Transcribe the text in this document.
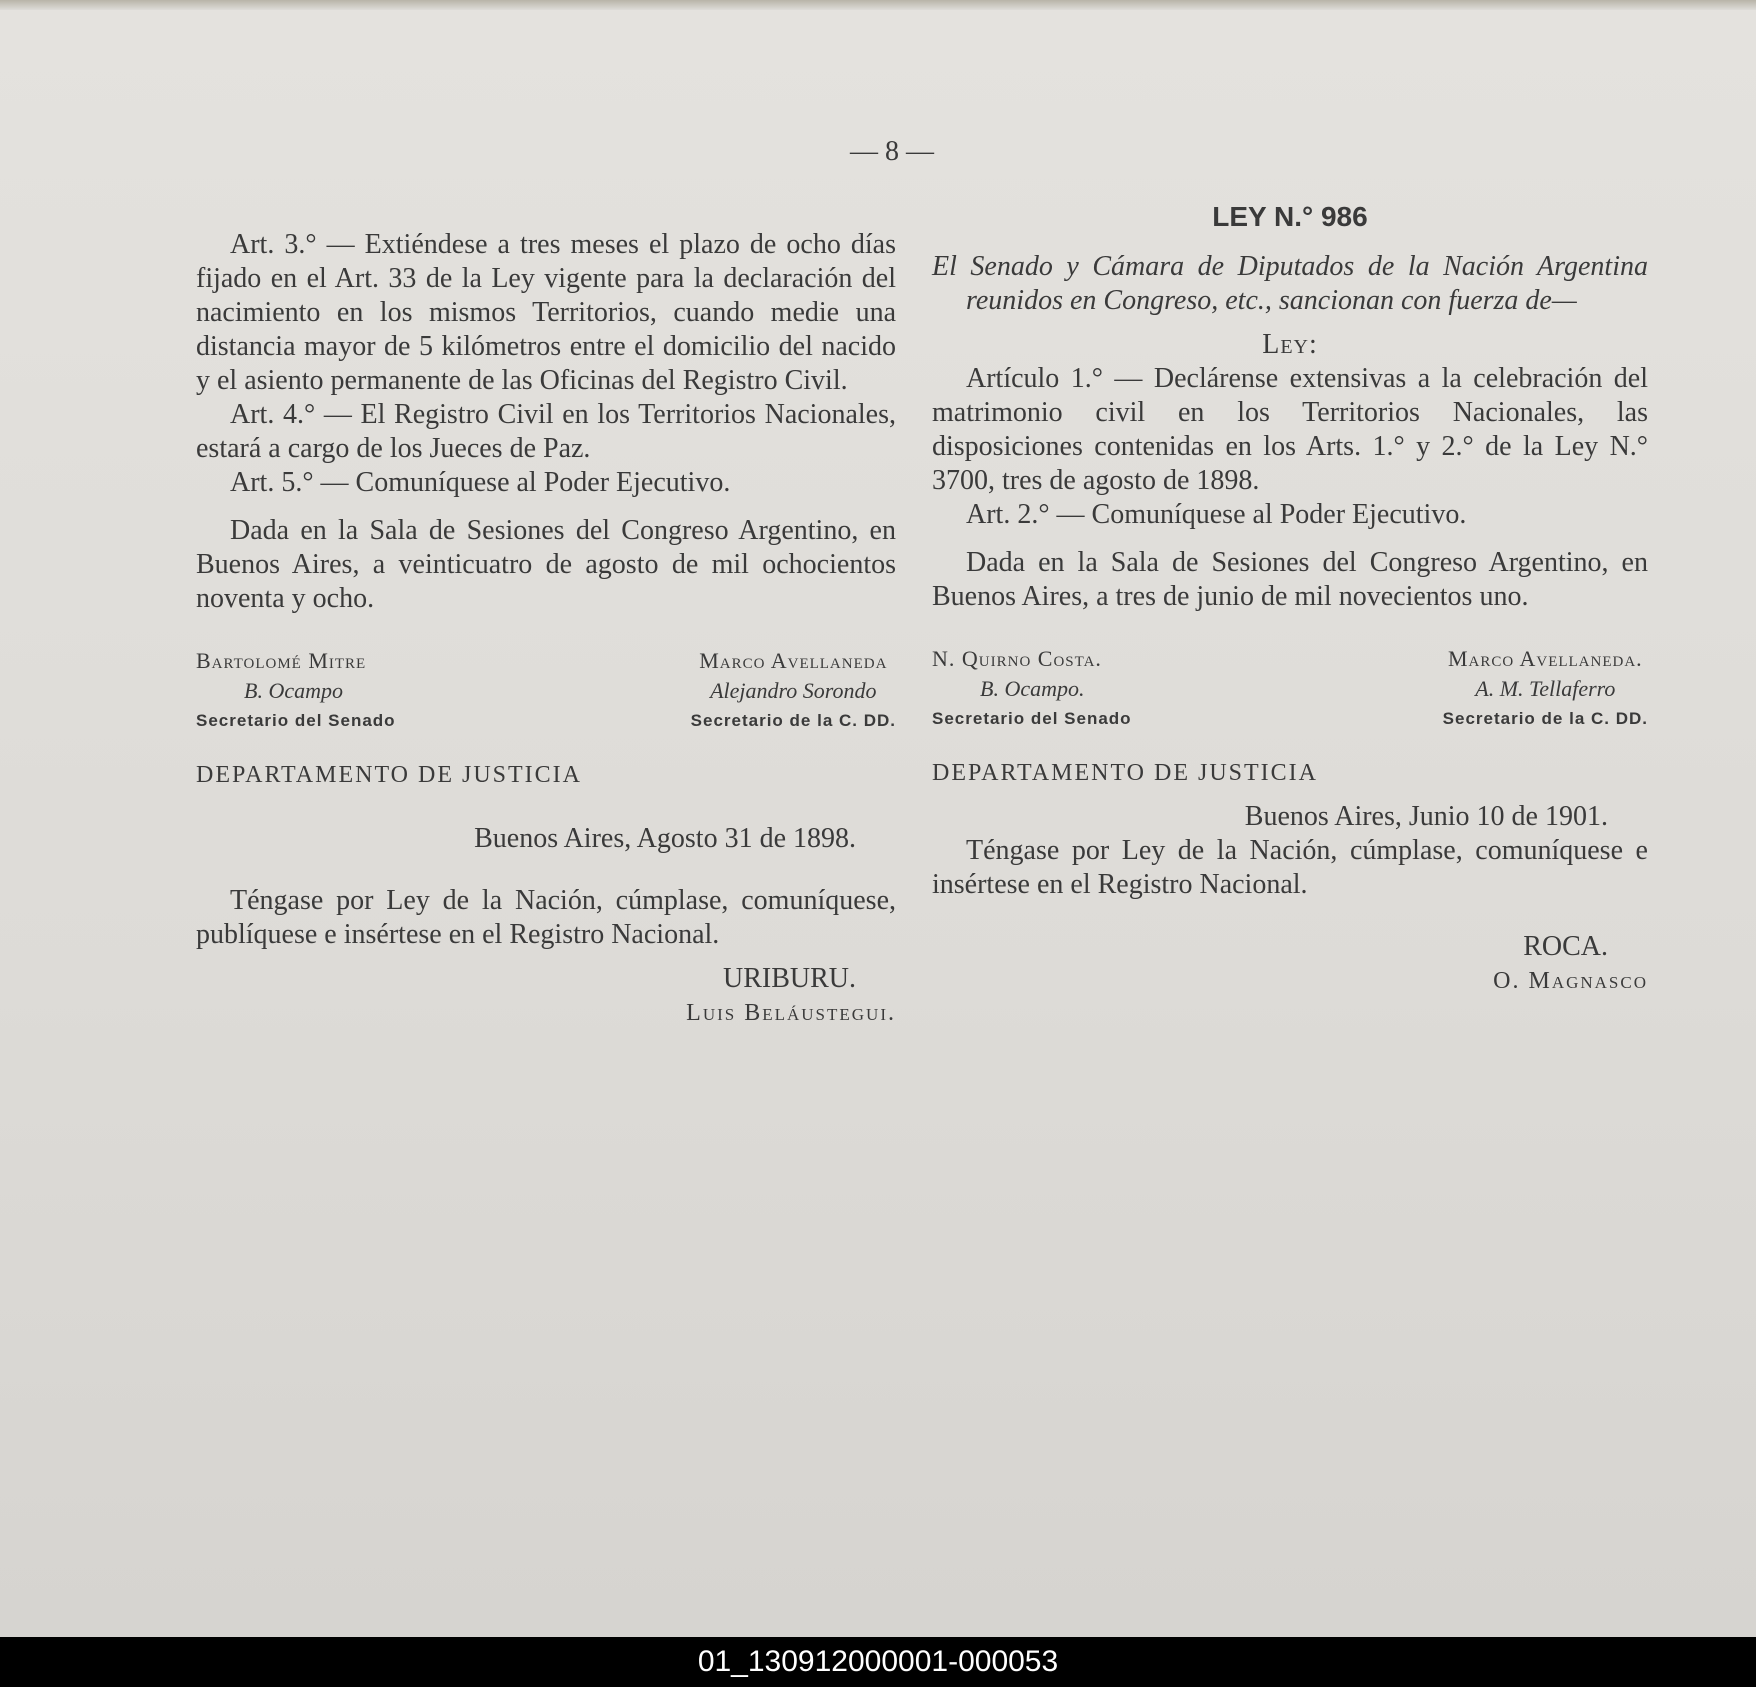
— 8 —

Art. 3.° — Extiéndese a tres meses el plazo de ocho días fijado en el Art. 33 de la Ley vigente para la declaración del nacimiento en los mismos Territorios, cuando medie una distancia mayor de 5 kilómetros entre el domicilio del nacido y el asiento permanente de las Oficinas del Registro Civil.

Art. 4.° — El Registro Civil en los Territorios Nacionales, estará a cargo de los Jueces de Paz.

Art. 5.° — Comuníquese al Poder Ejecutivo.

Dada en la Sala de Sesiones del Congreso Argentino, en Buenos Aires, a veinticuatro de agosto de mil ochocientos noventa y ocho.

Bartolomé Mitre
B. Ocampo
Secretario del Senado
Marco Avellaneda
Alejandro Sorondo
Secretario de la C. DD.
DEPARTAMENTO DE JUSTICIA

Buenos Aires, Agosto 31 de 1898.

Téngase por Ley de la Nación, cúmplase, comuníquese, publíquese e insértese en el Registro Nacional.

URIBURU.
Luis Beláustegui.
LEY N.° 986

El Senado y Cámara de Diputados de la Nación Argentina reunidos en Congreso, etc., sancionan con fuerza de—

Ley:

Artículo 1.° — Declárense extensivas a la celebración del matrimonio civil en los Territorios Nacionales, las disposiciones contenidas en los Arts. 1.° y 2.° de la Ley N.° 3700, tres de agosto de 1898.

Art. 2.° — Comuníquese al Poder Ejecutivo.

Dada en la Sala de Sesiones del Congreso Argentino, en Buenos Aires, a tres de junio de mil novecientos uno.

N. Quirno Costa.
B. Ocampo.
Secretario del Senado
Marco Avellaneda.
A. M. Tellaferro
Secretario de la C. DD.
DEPARTAMENTO DE JUSTICIA

Buenos Aires, Junio 10 de 1901.

Téngase por Ley de la Nación, cúmplase, comuníquese e insértese en el Registro Nacional.

ROCA.
O. Magnasco
01_130912000001-000053
